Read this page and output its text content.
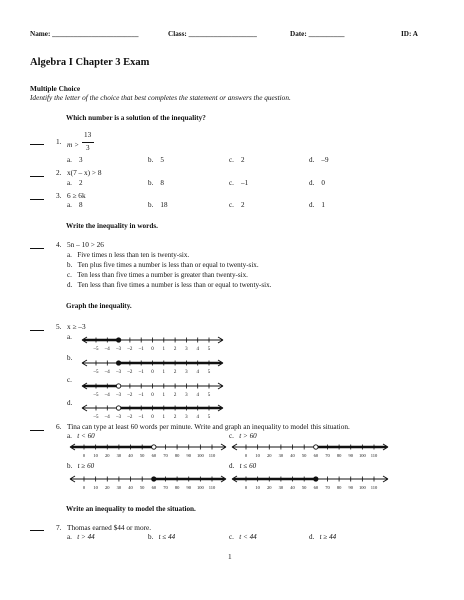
Name: ________________________	Class: ___________________	Date: __________	ID: A
Algebra I Chapter 3 Exam
Multiple Choice
Identify the letter of the choice that best completes the statement or answers the question.
Which number is a solution of the inequality?
1. m >
13
3
a. 3	b. 5	c. 2	d. –9
2. x(7 – x) > 8
a. 2	b. 8	c. –1	d. 0
3. 6 ≥ 6k
a. 8	b. 18	c. 2	d. 1
Write the inequality in words.
4. 5n – 10 > 26
a. Five times n less than ten is twenty-six.
b. Ten plus five times a number is less than or equal to twenty-six.
c. Ten less than five times a number is greater than twenty-six.
d. Ten less than five times a number is less than or equal to twenty-six.
Graph the inequality.
5. x ≥ –3
a.
–5 –4 –3 –2 –1 0 1 2 3 4 5
b.
–5 –4 –3 –2 –1 0 1 2 3 4 5
c.
–5 –4 –3 –2 –1 0 1 2 3 4 5
d.
–5 –4 –3 –2 –1 0 1 2 3 4 5
6. Tina can type at least 60 words per minute. Write and graph an inequality to model this situation.
a. t < 60
0 10 20 30 40 50 60 70 80 90 100 110
c. t > 60
0 10 20 30 40 50 60 70 80 90 100 110
b. t ≥ 60
0 10 20 30 40 50 60 70 80 90 100 110
d. t ≤ 60
0 10 20 30 40 50 60 70 80 90 100 110
Write an inequality to model the situation.
7. Thomas earned $44 or more.
a. t > 44	b. t ≤ 44	c. t < 44	d. t ≥ 44
1
